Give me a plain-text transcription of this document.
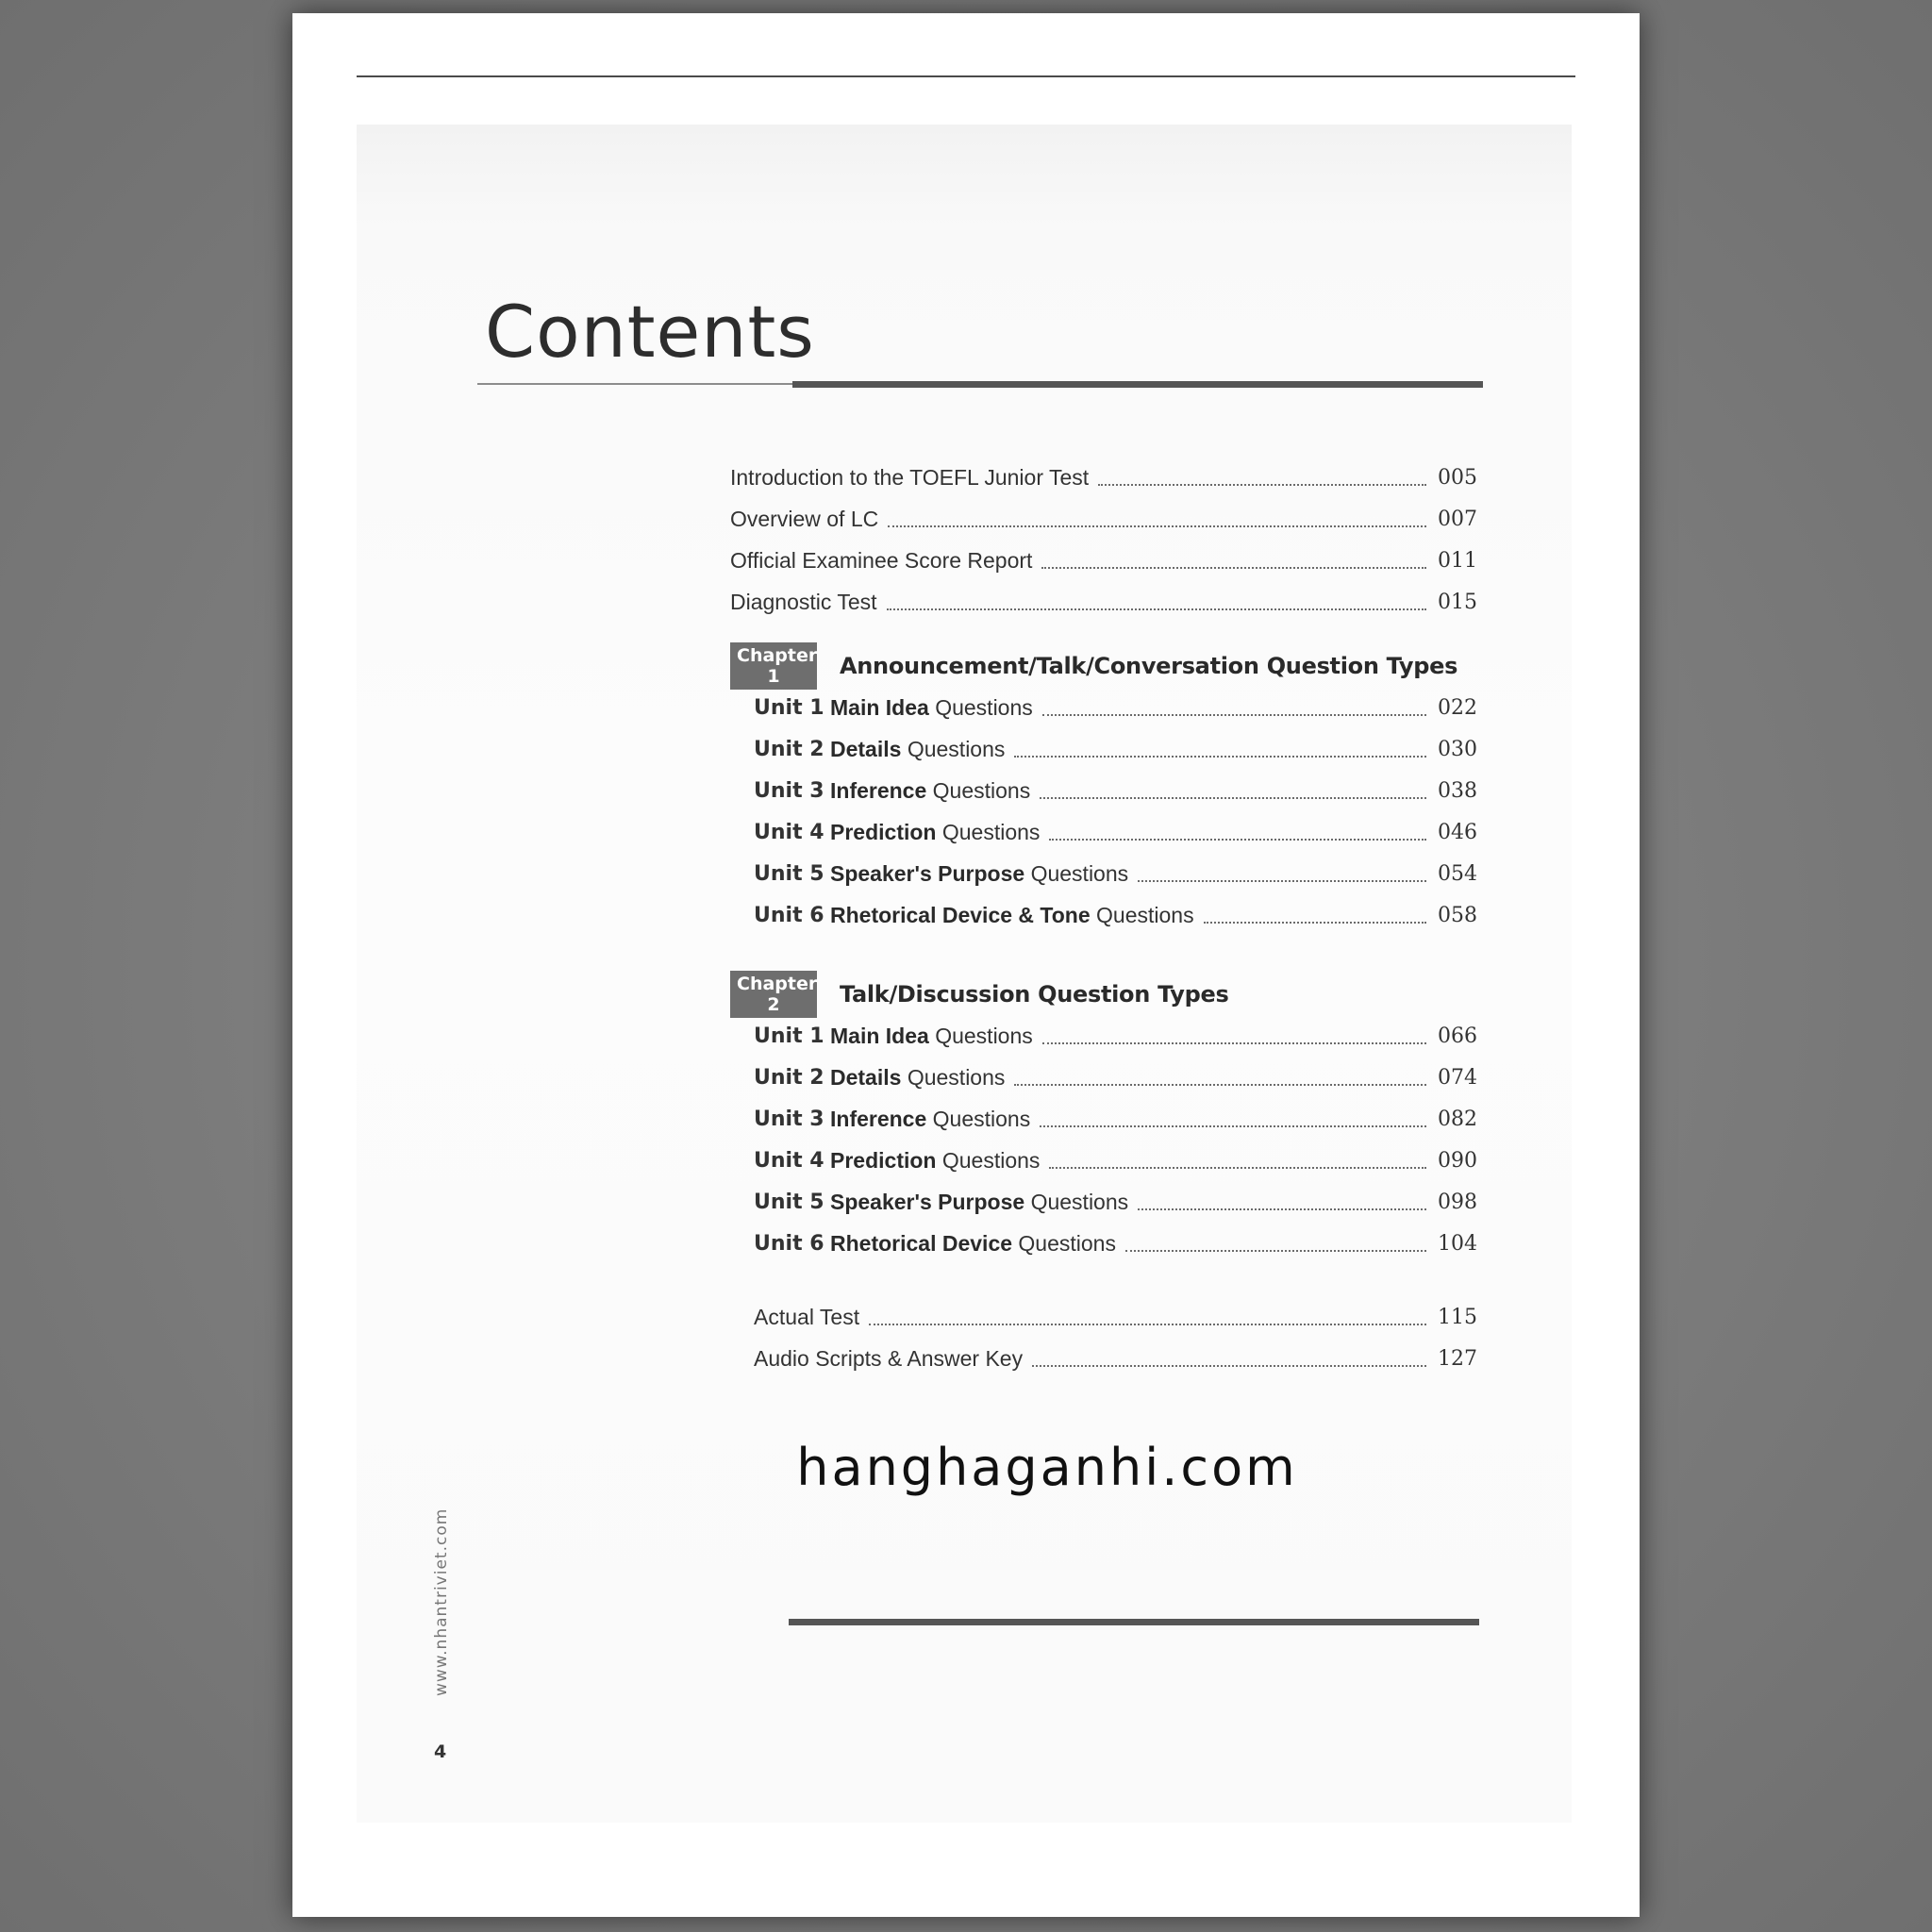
Contents
Introduction to the TOEFL Junior Test	005
Overview of LC	007
Official Examinee Score Report	011
Diagnostic Test	015
Chapter 1	Announcement/Talk/Conversation Question Types
Unit 1 Main Idea Questions	022
Unit 2 Details Questions	030
Unit 3 Inference Questions	038
Unit 4 Prediction Questions	046
Unit 5 Speaker's Purpose Questions	054
Unit 6 Rhetorical Device & Tone Questions	058
Chapter 2	Talk/Discussion Question Types
Unit 1 Main Idea Questions	066
Unit 2 Details Questions	074
Unit 3 Inference Questions	082
Unit 4 Prediction Questions	090
Unit 5 Speaker's Purpose Questions	098
Unit 6 Rhetorical Device Questions	104
Actual Test	115
Audio Scripts & Answer Key	127
hanghaganhi.com
www.nhantriviet.com
4
